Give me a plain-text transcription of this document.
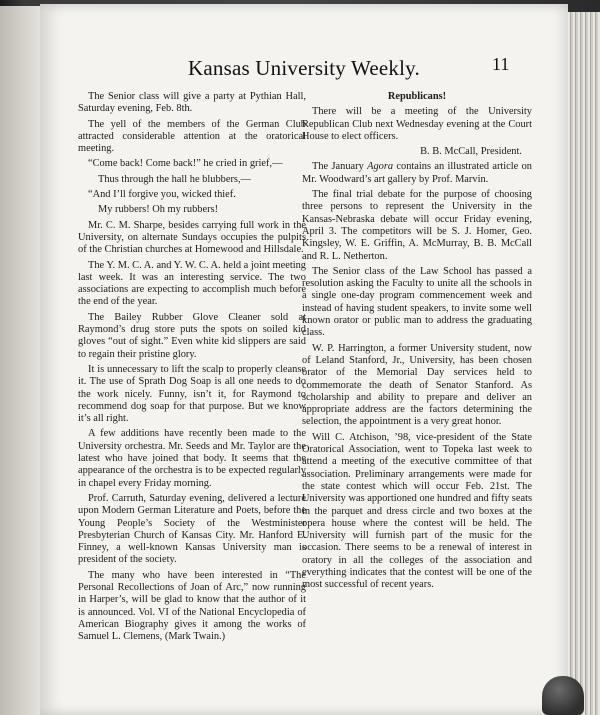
Kansas University Weekly.	11

The Senior class will give a party at Pythian Hall, Saturday evening, Feb. 8th.

The yell of the members of the German Club attracted considerable attention at the oratorical meeting.

“Come back! Come back!” he cried in grief,—

Thus through the hall he blubbers,—

“And I’ll forgive you, wicked thief.

My rubbers! Oh my rubbers!

Mr. C. M. Sharpe, besides carrying full work in the University, on alternate Sundays occupies the pulpits of the Christian churches at Homewood and Hillsdale.

The Y. M. C. A. and Y. W. C. A. held a joint meeting last week. It was an interesting service. The two associations are expecting to accomplish much before the end of the year.

The Bailey Rubber Glove Cleaner sold at Raymond’s drug store puts the spots on soiled kid gloves “out of sight.” Even white kid slippers are said to regain their pristine glory.

It is unnecessary to lift the scalp to properly cleanse it. The use of Sprath Dog Soap is all one needs to do the work nicely. Funny, isn’t it, for Raymond to recommend dog soap for that purpose. But we know it’s all right.

A few additions have recently been made to the University orchestra. Mr. Seeds and Mr. Taylor are the latest who have joined that body. It seems that the appearance of the orchestra is to be expected regularly in chapel every Friday morning.

Prof. Carruth, Saturday evening, delivered a lecture upon Modern German Literature and Poets, before the Young People’s Society of the Westminister Presbyterian Church of Kansas City. Mr. Hanford E. Finney, a well-known Kansas University man is president of the society.

The many who have been interested in “The Personal Recollections of Joan of Arc,” now running in Harper’s, will be glad to know that the author of it is announced. Vol. VI of the National Encyclopedia of American Biography gives it among the works of Samuel L. Clemens, (Mark Twain.)

Republicans!

There will be a meeting of the University Republican Club next Wednesday evening at the Court House to elect officers.

B. B. McCall, President.

The January Agora contains an illustrated article on Mr. Woodward’s art gallery by Prof. Marvin.

The final trial debate for the purpose of choosing three persons to represent the University in the Kansas-Nebraska debate will occur Friday evening, April 3. The competitors will be S. J. Homer, Geo. Kingsley, W. E. Griffin, A. McMurray, B. B. McCall and R. L. Netherton.

The Senior class of the Law School has passed a resolution asking the Faculty to unite all the schools in a single one-day program commencement week and instead of having student speakers, to invite some well known orator or public man to address the graduating class.

W. P. Harrington, a former University student, now of Leland Stanford, Jr., University, has been chosen orator of the Memorial Day services held to commemorate the death of Senator Stanford. As scholarship and ability to prepare and deliver an appropriate address are the factors determining the selection, the appointment is a very great honor.

Will C. Atchison, ’98, vice-president of the State Oratorical Association, went to Topeka last week to attend a meeting of the executive committee of that association. Preliminary arrangements were made for the state contest which will occur Feb. 21st. The University was apportioned one hundred and fifty seats in the parquet and dress circle and two boxes at the opera house where the contest will be held. The University will furnish part of the music for the occasion. There seems to be a renewal of interest in oratory in all the colleges of the association and everything indicates that the contest will be one of the most successful of recent years.
